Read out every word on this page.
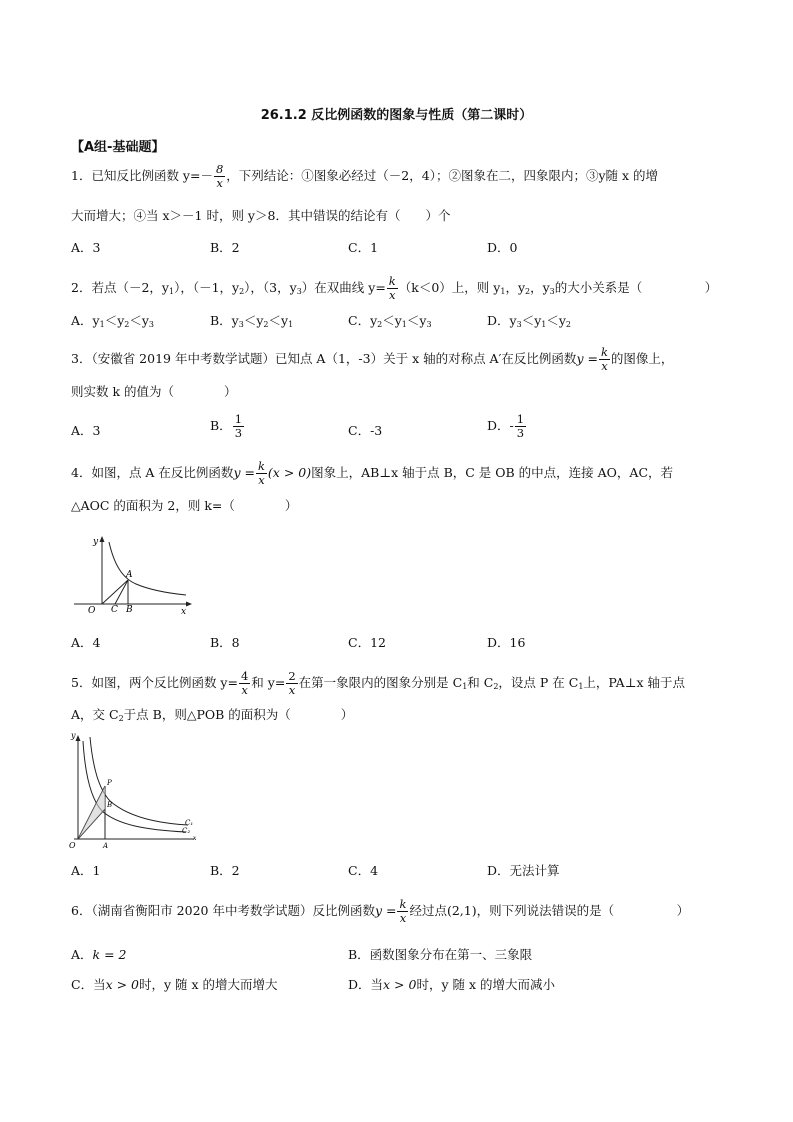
26.1.2 反比例函数的图象与性质（第二课时）
【A组-基础题】
1．已知反比例函数 $y=- \frac{8}{x}$ ，下列结论：①图象必经过（－2，4）；②图象在二，四象限内；③y随 x 的增
大而增大；④当 x＞－1 时，则 y＞8．其中错误的结论有（　　）个
A．3	B．2	C．1	D．0
2．若点（－2，$y_1$），（－1，$y_2$），（3，$y_3$）在双曲线 $y= \frac{k}{x} (k<0)$上，则 $y_1$，$y_2$，$y_3$的大小关系是（　　　　　）
A．$y_1<y_2<y_3$	B．$y_3<y_2<y_1$	C．$y_2<y_1<y_3$	D．$y_3<y_1<y_2$
3．（安徽省 2019 年中考数学试题）已知点 A（1，-3）关于 x 轴的对称点 A′在反比例函数$y = \frac{k}{x}$ 的图像上，
则实数 k 的值为（　　　　）
A．3	B． $\frac{1}{3}$	C．-3	D．- $\frac{1}{3}$
4．如图，点 A 在反比例函数$y = \frac{k}{x} (x > 0)$图象上，AB⊥x 轴于点 B，C 是 OB 的中点，连接 AO，AC，若
△AOC 的面积为 2，则 k=（　　　　）
y
x
O
A
C B
A．4	B．8	C．12	D．16
5．如图，两个反比例函数 $y= \frac{4}{x}$ 和 $y= \frac{2}{x}$ 在第一象限内的图象分别是 $C_1$和 $C_2$，设点 P 在 $C_1$上，PA⊥x 轴于点
A，交 $C_2$于点 B，则△POB 的面积为（　　　　）
y
O	A
P
B
C₁
C₂
x
A．1	B．2	C．4	D．无法计算
6．（湖南省衡阳市 2020 年中考数学试题）反比例函数$y = \frac{k}{x}$ 经过点(2,1)，则下列说法错误的是（　　　　　）
A．k = 2	B．函数图象分布在第一、三象限
C．当x > 0时，y 随 x 的增大而增大	D．当x > 0时，y 随 x 的增大而减小
